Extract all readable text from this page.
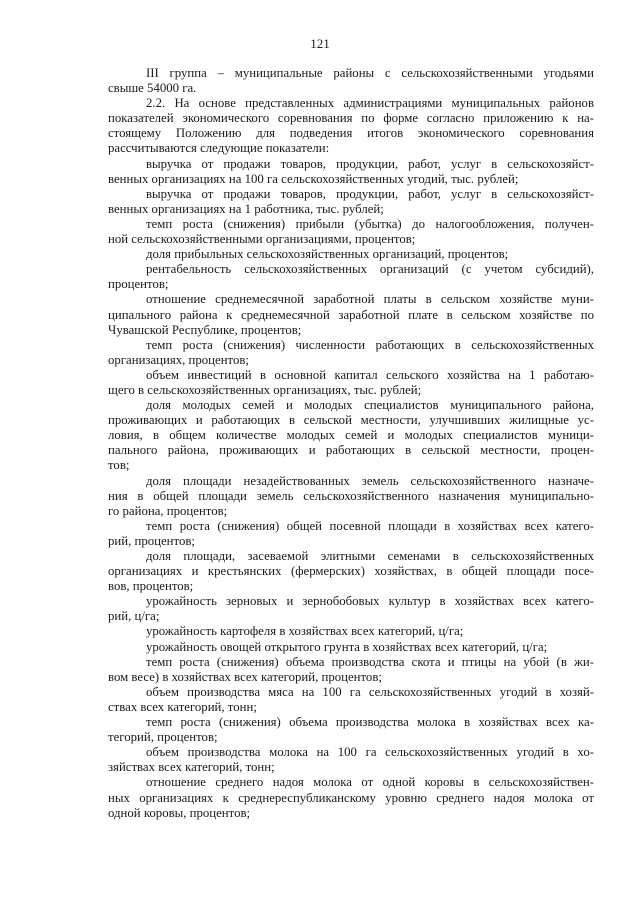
121
III группа – муниципальные районы с сельскохозяйственными угодьями
свыше 54000 га.
2.2. На основе представленных администрациями муниципальных районов
показателей экономического соревнования по форме согласно приложению к на-
стоящему Положению для подведения итогов экономического соревнования
рассчитываются следующие показатели:
выручка от продажи товаров, продукции, работ, услуг в сельскохозяйст-
венных организациях на 100 га сельскохозяйственных угодий, тыс. рублей;
выручка от продажи товаров, продукции, работ, услуг в сельскохозяйст-
венных организациях на 1 работника, тыс. рублей;
темп роста (снижения) прибыли (убытка) до налогообложения, получен-
ной сельскохозяйственными организациями, процентов;
доля прибыльных сельскохозяйственных организаций, процентов;
рентабельность сельскохозяйственных организаций (с учетом субсидий),
процентов;
отношение среднемесячной заработной платы в сельском хозяйстве муни-
ципального района к среднемесячной заработной плате в сельском хозяйстве по
Чувашской Республике, процентов;
темп роста (снижения) численности работающих в сельскохозяйственных
организациях, процентов;
объем инвестиций в основной капитал сельского хозяйства на 1 работаю-
щего в сельскохозяйственных организациях, тыс. рублей;
доля молодых семей и молодых специалистов муниципального района,
проживающих и работающих в сельской местности, улучшивших жилищные ус-
ловия, в общем количестве молодых семей и молодых специалистов муници-
пального района, проживающих и работающих в сельской местности, процен-
тов;
доля площади незадействованных земель сельскохозяйственного назначе-
ния в общей площади земель сельскохозяйственного назначения муниципально-
го района, процентов;
темп роста (снижения) общей посевной площади в хозяйствах всех катего-
рий, процентов;
доля площади, засеваемой элитными семенами в сельскохозяйственных
организациях и крестьянских (фермерских) хозяйствах, в общей площади посе-
вов, процентов;
урожайность зерновых и зернобобовых культур в хозяйствах всех катего-
рий, ц/га;
урожайность картофеля в хозяйствах всех категорий, ц/га;
урожайность овощей открытого грунта в хозяйствах всех категорий, ц/га;
темп роста (снижения) объема производства скота и птицы на убой (в жи-
вом весе) в хозяйствах всех категорий, процентов;
объем производства мяса на 100 га сельскохозяйственных угодий в хозяй-
ствах всех категорий, тонн;
темп роста (снижения) объема производства молока в хозяйствах всех ка-
тегорий, процентов;
объем производства молока на 100 га сельскохозяйственных угодий в хо-
зяйствах всех категорий, тонн;
отношение среднего надоя молока от одной коровы в сельскохозяйствен-
ных организациях к среднереспубликанскому уровню среднего надоя молока от
одной коровы, процентов;
